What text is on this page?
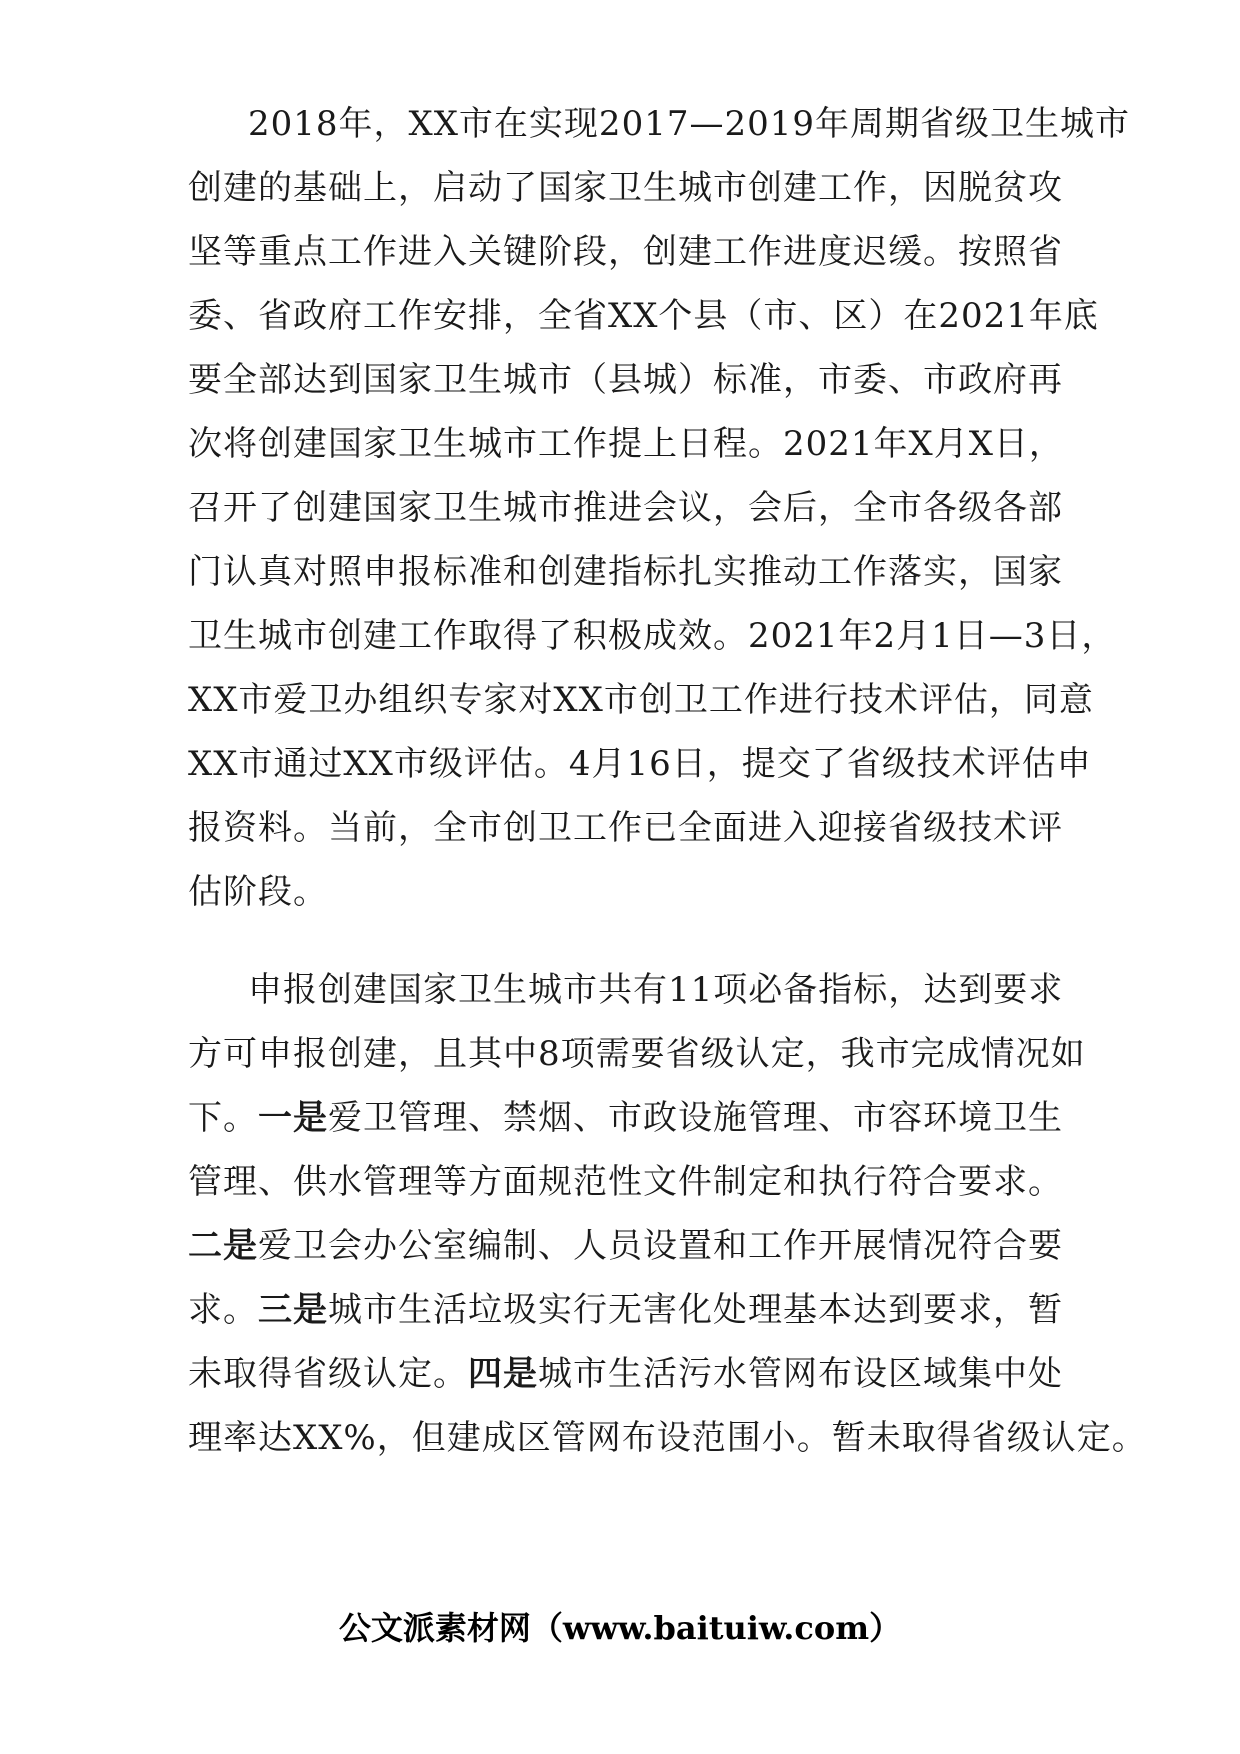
2018年，XX市在实现2017—2019年周期省级卫生城市
创建的基础上，启动了国家卫生城市创建工作，因脱贫攻
坚等重点工作进入关键阶段，创建工作进度迟缓。按照省
委、省政府工作安排，全省XX个县（市、区）在2021年底
要全部达到国家卫生城市（县城）标准，市委、市政府再
次将创建国家卫生城市工作提上日程。2021年X月X日，
召开了创建国家卫生城市推进会议，会后，全市各级各部
门认真对照申报标准和创建指标扎实推动工作落实，国家
卫生城市创建工作取得了积极成效。2021年2月1日—3日，
XX市爱卫办组织专家对XX市创卫工作进行技术评估，同意
XX市通过XX市级评估。4月16日，提交了省级技术评估申
报资料。当前，全市创卫工作已全面进入迎接省级技术评
估阶段。
申报创建国家卫生城市共有11项必备指标，达到要求
方可申报创建，且其中8项需要省级认定，我市完成情况如
下。一是爱卫管理、禁烟、市政设施管理、市容环境卫生
管理、供水管理等方面规范性文件制定和执行符合要求。
二是爱卫会办公室编制、人员设置和工作开展情况符合要
求。三是城市生活垃圾实行无害化处理基本达到要求，暂
未取得省级认定。四是城市生活污水管网布设区域集中处
理率达XX%，但建成区管网布设范围小。暂未取得省级认定。
公文派素材网（www.baituiw.com）
